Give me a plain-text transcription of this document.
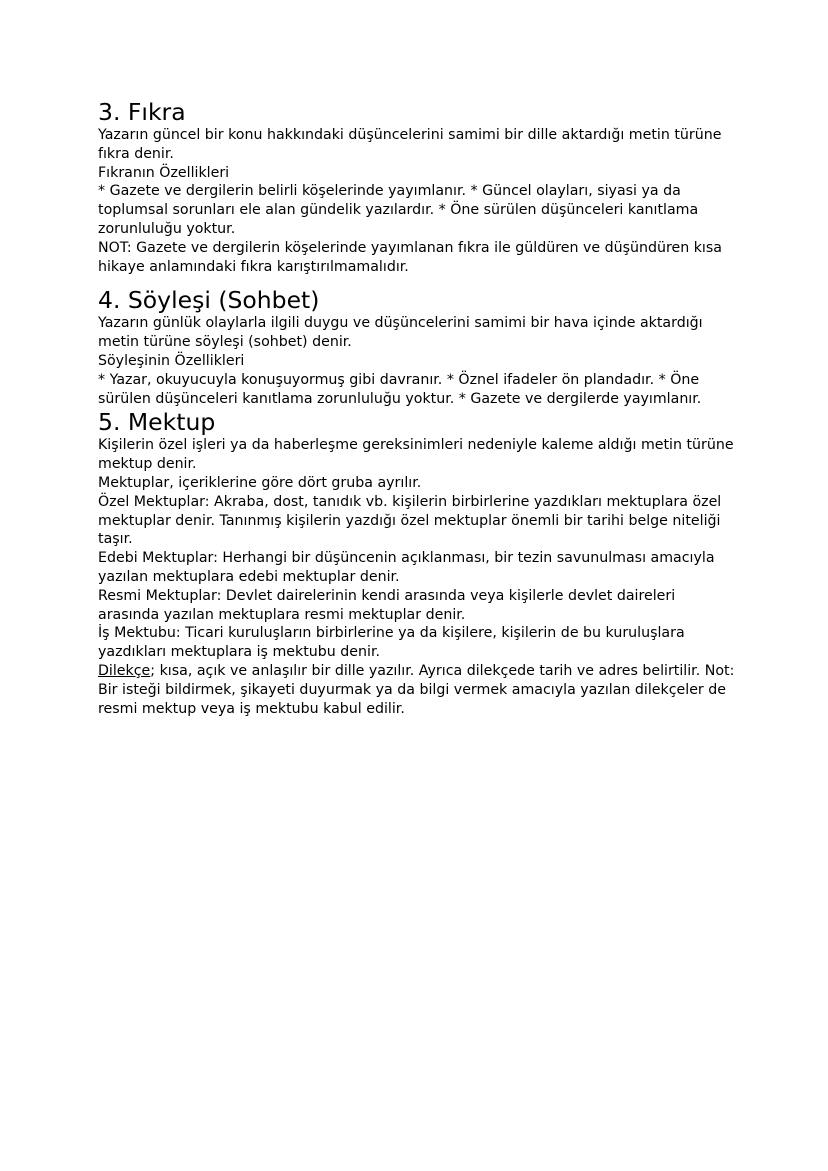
3. Fıkra

Yazarın güncel bir konu hakkındaki düşüncelerini samimi bir dille aktardığı metin türüne fıkra denir.

Fıkranın Özellikleri

* Gazete ve dergilerin belirli köşelerinde yayımlanır. * Güncel olayları, siyasi ya da toplumsal sorunları ele alan gündelik yazılardır. * Öne sürülen düşünceleri kanıtlama zorunluluğu yoktur.

NOT: Gazete ve dergilerin köşelerinde yayımlanan fıkra ile güldüren ve düşündüren kısa hikaye anlamındaki fıkra karıştırılmamalıdır.

4. Söyleşi (Sohbet)

Yazarın günlük olaylarla ilgili duygu ve düşüncelerini samimi bir hava içinde aktardığı metin türüne söyleşi (sohbet) denir.

Söyleşinin Özellikleri

* Yazar, okuyucuyla konuşuyormuş gibi davranır. * Öznel ifadeler ön plandadır. * Öne sürülen düşünceleri kanıtlama zorunluluğu yoktur. * Gazete ve dergilerde yayımlanır.

5. Mektup

Kişilerin özel işleri ya da haberleşme gereksinimleri nedeniyle kaleme aldığı metin türüne mektup denir.

Mektuplar, içeriklerine göre dört gruba ayrılır.

Özel Mektuplar: Akraba, dost, tanıdık vb. kişilerin birbirlerine yazdıkları mektuplara özel mektuplar denir. Tanınmış kişilerin yazdığı özel mektuplar önemli bir tarihi belge niteliği taşır.

Edebi Mektuplar: Herhangi bir düşüncenin açıklanması, bir tezin savunulması amacıyla yazılan mektuplara edebi mektuplar denir.

Resmi Mektuplar: Devlet dairelerinin kendi arasında veya kişilerle devlet daireleri arasında yazılan mektuplara resmi mektuplar denir.

İş Mektubu: Ticari kuruluşların birbirlerine ya da kişilere, kişilerin de bu kuruluşlara yazdıkları mektuplara iş mektubu denir.

Dilekçe; kısa, açık ve anlaşılır bir dille yazılır. Ayrıca dilekçede tarih ve adres belirtilir. Not: Bir isteği bildirmek, şikayeti duyurmak ya da bilgi vermek amacıyla yazılan dilekçeler de resmi mektup veya iş mektubu kabul edilir.
